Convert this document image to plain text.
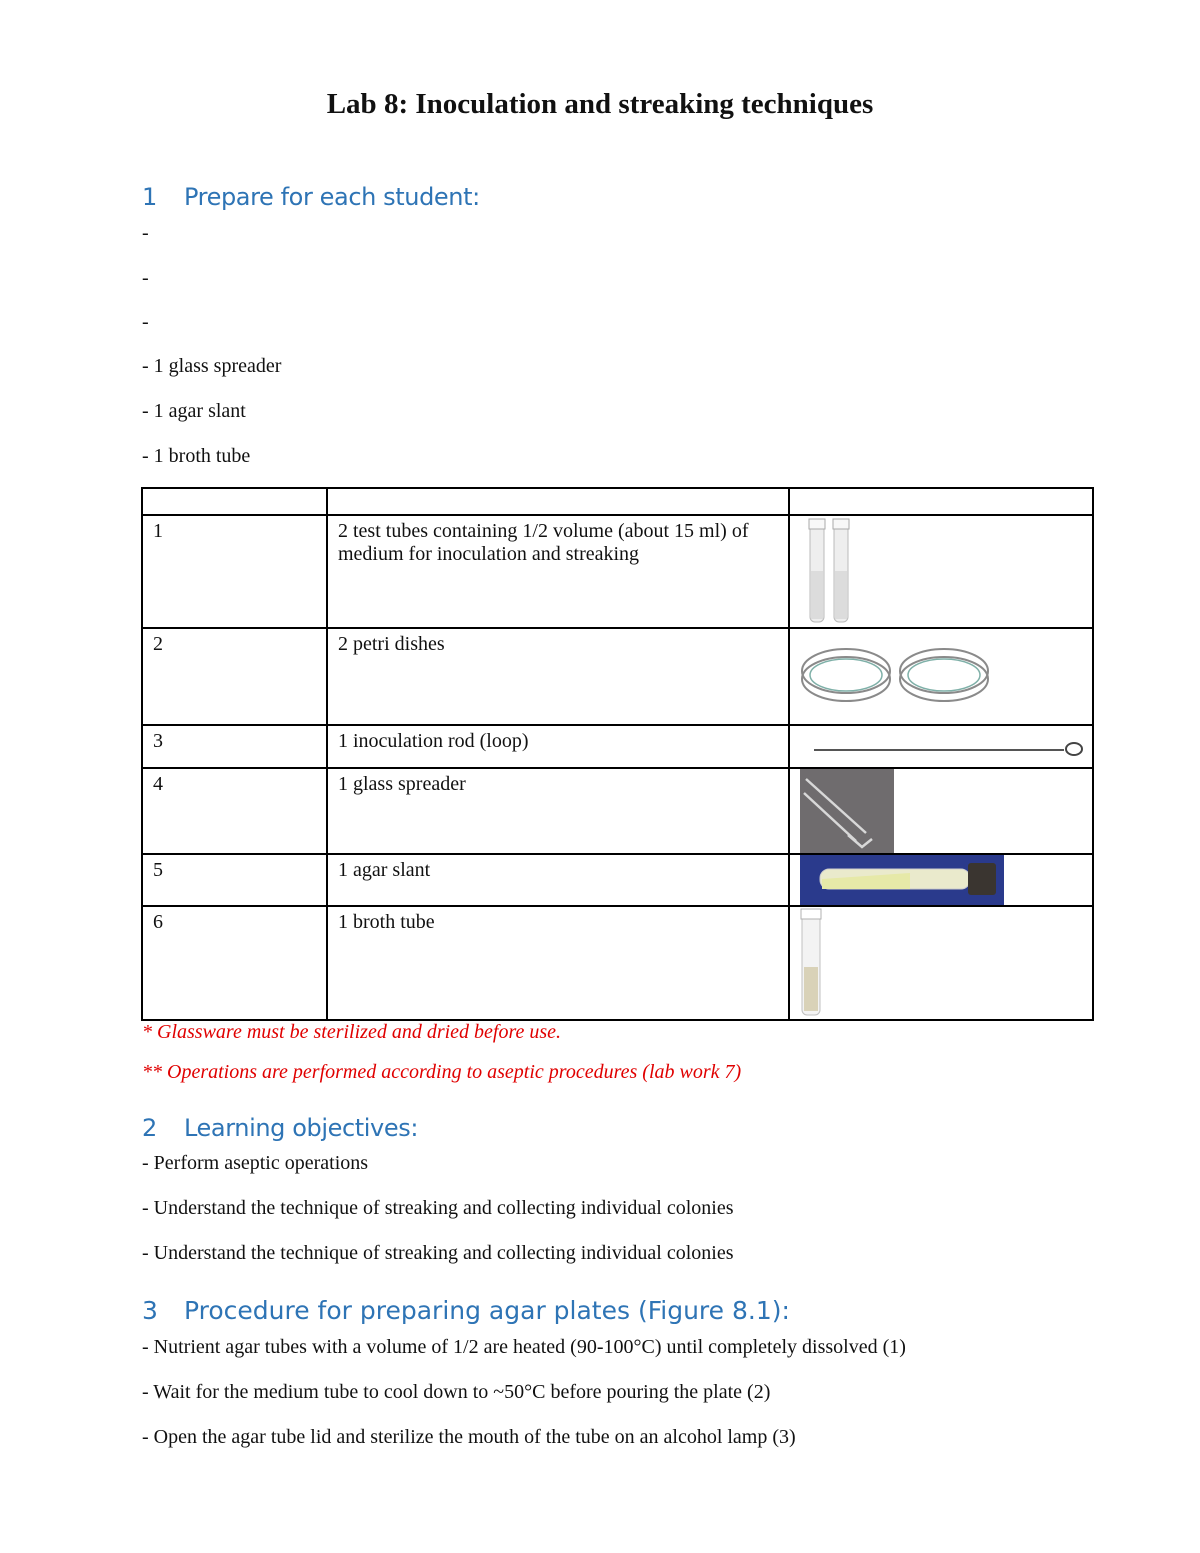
Lab 8: Inoculation and streaking techniques
1 Prepare for each student:
-
-
-
- 1 glass spreader
- 1 agar slant
- 1 broth tube

1	2 test tubes containing 1/2 volume (about 15 ml) of medium for inoculation and streaking	

2	2 petri dishes	

3	1 inoculation rod (loop)	

4	1 glass spreader	

5	1 agar slant	

6	1 broth tube	
* Glassware must be sterilized and dried before use.
** Operations are performed according to aseptic procedures (lab work 7)
2 Learning objectives:
- Perform aseptic operations
- Understand the technique of streaking and collecting individual colonies
- Understand the technique of streaking and collecting individual colonies
3 Procedure for preparing agar plates (Figure 8.1):
- Nutrient agar tubes with a volume of 1/2 are heated (90-100°C) until completely dissolved (1)
- Wait for the medium tube to cool down to ~50°C before pouring the plate (2)
- Open the agar tube lid and sterilize the mouth of the tube on an alcohol lamp (3)
